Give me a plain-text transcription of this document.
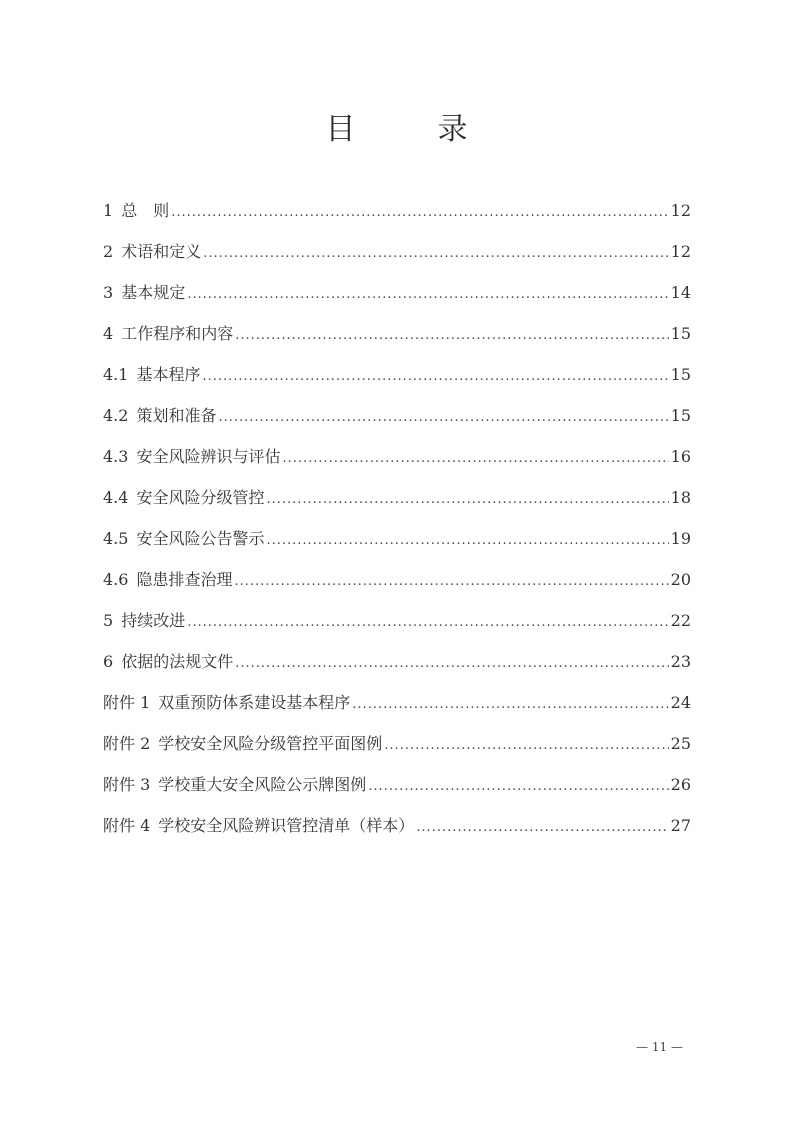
目	录
1 总　则 .....	12
2 术语和定义 .....	12
3 基本规定 .....	14
4 工作程序和内容 .....	15
4.1 基本程序 .....	15
4.2 策划和准备 .....	15
4.3 安全风险辨识与评估 .....	16
4.4 安全风险分级管控 .....	18
4.5 安全风险公告警示 .....	19
4.6 隐患排查治理 .....	20
5 持续改进 .....	22
6 依据的法规文件 .....	23
附件 1 双重预防体系建设基本程序 .....	24
附件 2 学校安全风险分级管控平面图例 .....	25
附件 3 学校重大安全风险公示牌图例 .....	26
附件 4 学校安全风险辨识管控清单（样本） .....	27
— 11 —
